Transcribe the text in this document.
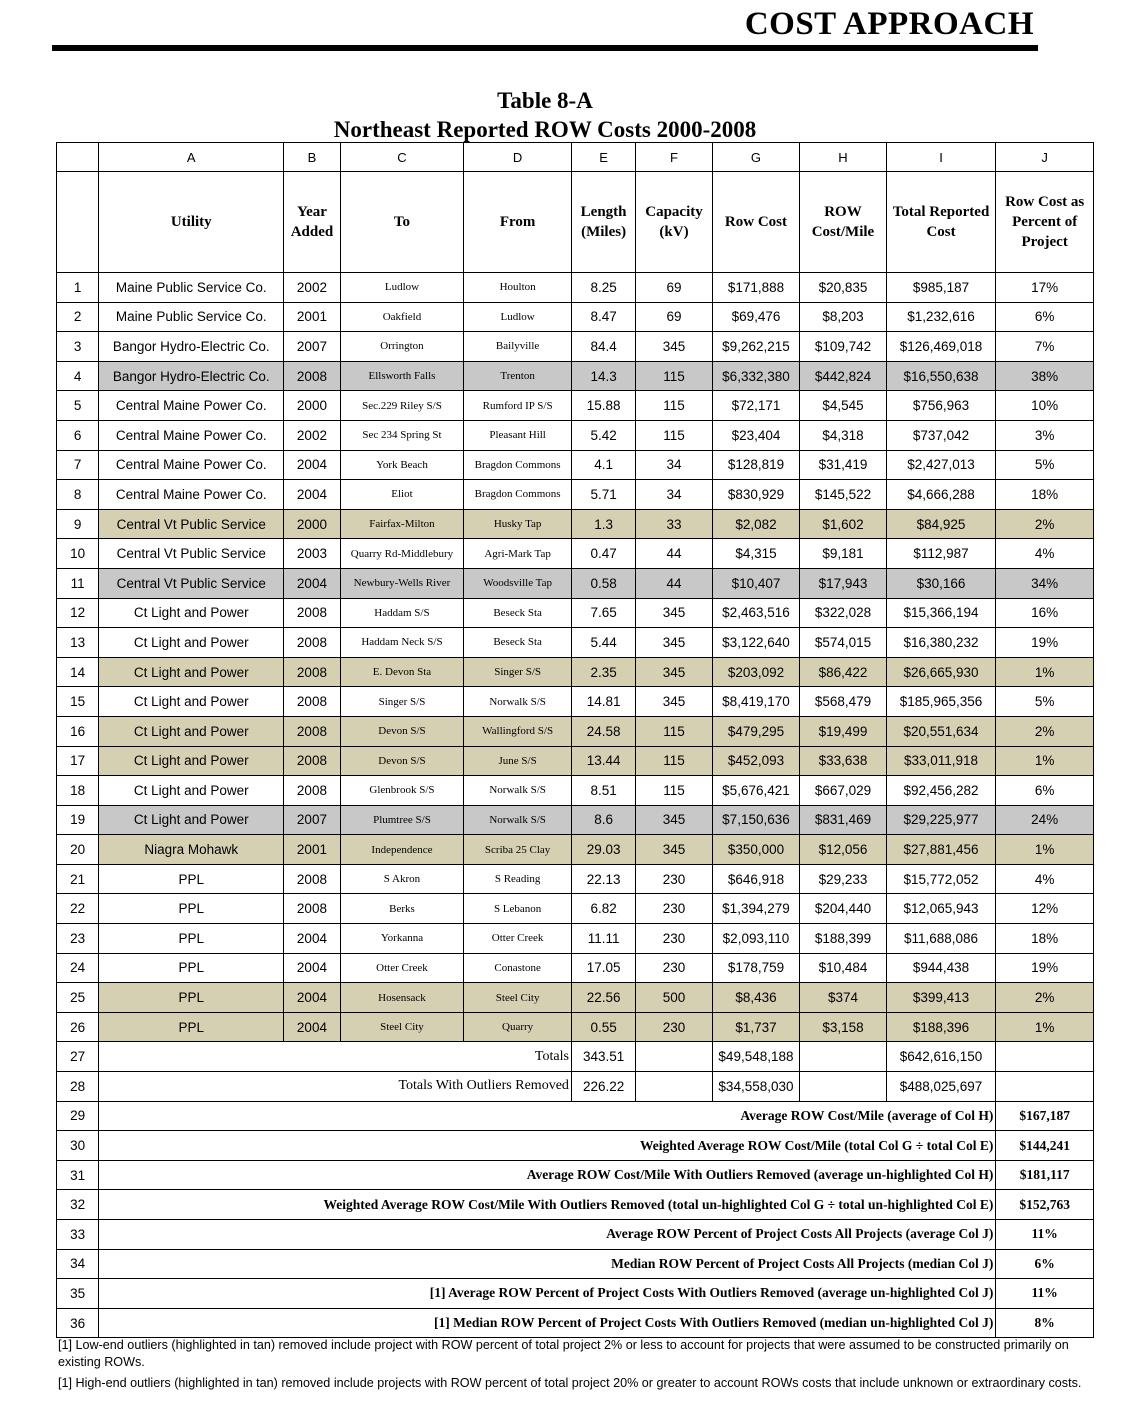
COST APPROACH
Table 8-A
Northeast Reported ROW Costs 2000-2008
	A	B	C	D	E	F	G	H	I	J
	Utility	Year Added	To	From	Length (Miles)	Capacity (kV)	Row Cost	ROW Cost/Mile	Total Reported Cost	Row Cost as Percent of Project
1	Maine Public Service Co.	2002	Ludlow	Houlton	8.25	69	$171,888	$20,835	$985,187	17%
2	Maine Public Service Co.	2001	Oakfield	Ludlow	8.47	69	$69,476	$8,203	$1,232,616	6%
3	Bangor Hydro-Electric Co.	2007	Orrington	Bailyville	84.4	345	$9,262,215	$109,742	$126,469,018	7%
4	Bangor Hydro-Electric Co.	2008	Ellsworth Falls	Trenton	14.3	115	$6,332,380	$442,824	$16,550,638	38%
5	Central Maine Power Co.	2000	Sec.229 Riley S/S	Rumford IP S/S	15.88	115	$72,171	$4,545	$756,963	10%
6	Central Maine Power Co.	2002	Sec 234 Spring St	Pleasant Hill	5.42	115	$23,404	$4,318	$737,042	3%
7	Central Maine Power Co.	2004	York Beach	Bragdon Commons	4.1	34	$128,819	$31,419	$2,427,013	5%
8	Central Maine Power Co.	2004	Eliot	Bragdon Commons	5.71	34	$830,929	$145,522	$4,666,288	18%
9	Central Vt Public Service	2000	Fairfax-Milton	Husky Tap	1.3	33	$2,082	$1,602	$84,925	2%
10	Central Vt Public Service	2003	Quarry Rd-Middlebury	Agri-Mark Tap	0.47	44	$4,315	$9,181	$112,987	4%
11	Central Vt Public Service	2004	Newbury-Wells River	Woodsville Tap	0.58	44	$10,407	$17,943	$30,166	34%
12	Ct Light and Power	2008	Haddam S/S	Beseck Sta	7.65	345	$2,463,516	$322,028	$15,366,194	16%
13	Ct Light and Power	2008	Haddam Neck S/S	Beseck Sta	5.44	345	$3,122,640	$574,015	$16,380,232	19%
14	Ct Light and Power	2008	E. Devon Sta	Singer S/S	2.35	345	$203,092	$86,422	$26,665,930	1%
15	Ct Light and Power	2008	Singer S/S	Norwalk S/S	14.81	345	$8,419,170	$568,479	$185,965,356	5%
16	Ct Light and Power	2008	Devon S/S	Wallingford S/S	24.58	115	$479,295	$19,499	$20,551,634	2%
17	Ct Light and Power	2008	Devon S/S	June S/S	13.44	115	$452,093	$33,638	$33,011,918	1%
18	Ct Light and Power	2008	Glenbrook S/S	Norwalk S/S	8.51	115	$5,676,421	$667,029	$92,456,282	6%
19	Ct Light and Power	2007	Plumtree S/S	Norwalk S/S	8.6	345	$7,150,636	$831,469	$29,225,977	24%
20	Niagra Mohawk	2001	Independence	Scriba 25 Clay	29.03	345	$350,000	$12,056	$27,881,456	1%
21	PPL	2008	S Akron	S Reading	22.13	230	$646,918	$29,233	$15,772,052	4%
22	PPL	2008	Berks	S Lebanon	6.82	230	$1,394,279	$204,440	$12,065,943	12%
23	PPL	2004	Yorkanna	Otter Creek	11.11	230	$2,093,110	$188,399	$11,688,086	18%
24	PPL	2004	Otter Creek	Conastone	17.05	230	$178,759	$10,484	$944,438	19%
25	PPL	2004	Hosensack	Steel City	22.56	500	$8,436	$374	$399,413	2%
26	PPL	2004	Steel City	Quarry	0.55	230	$1,737	$3,158	$188,396	1%
27	Totals				343.51		$49,548,188		$642,616,150	
28	Totals With Outliers Removed				226.22		$34,558,030		$488,025,697	
29	Average ROW Cost/Mile (average of Col H)									$167,187
30	Weighted Average ROW Cost/Mile (total Col G ÷ total Col E)									$144,241
31	Average ROW Cost/Mile With Outliers Removed (average un-highlighted Col H)									$181,117
32	Weighted Average ROW Cost/Mile With Outliers Removed (total un-highlighted Col G ÷ total un-highlighted Col E)									$152,763
33	Average ROW Percent of Project Costs All Projects (average Col J)									11%
34	Median ROW Percent of Project Costs All Projects (median Col J)									6%
35	[1] Average ROW Percent of Project Costs With Outliers Removed (average un-highlighted Col J)									11%
36	[1] Median ROW Percent of Project Costs With Outliers Removed (median un-highlighted Col J)									8%
[1] Low-end outliers (highlighted in tan) removed include project with ROW percent of total project 2% or less to account for projects that were assumed to be constructed primarily on existing ROWs.
[1] High-end outliers (highlighted in tan) removed include projects with ROW percent of total project 20% or greater to account ROWs costs that include unknown or extraordinary costs.
